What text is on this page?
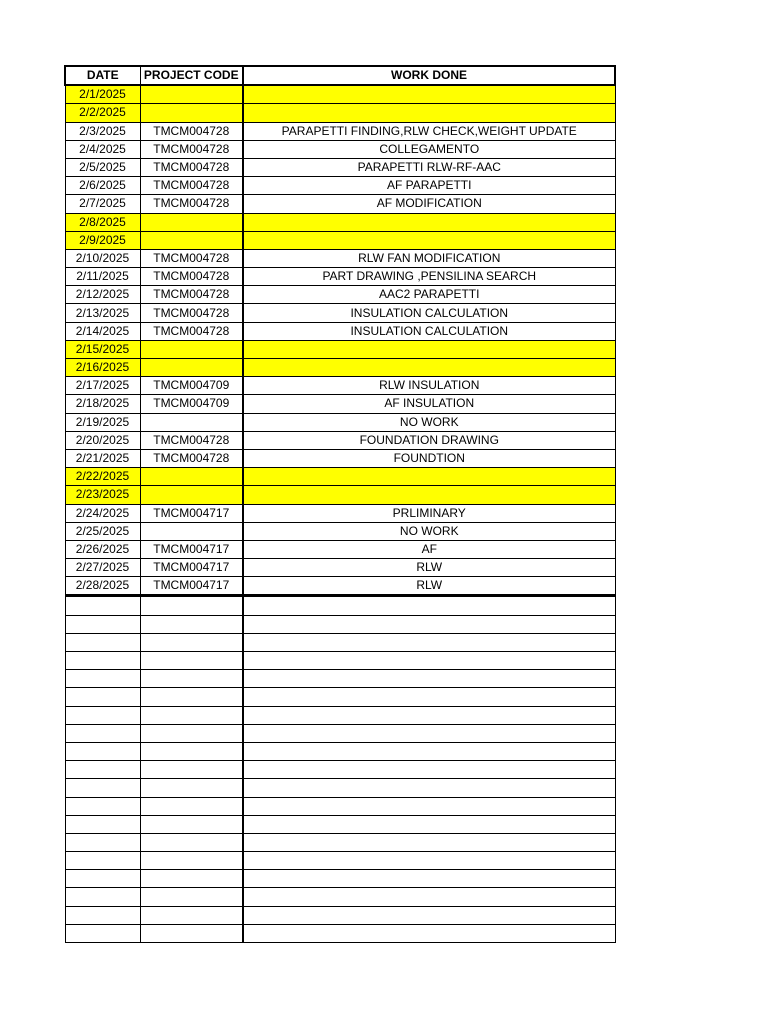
DATE	PROJECT CODE	WORK DONE
2/1/2025		
2/2/2025		
2/3/2025	TMCM004728	PARAPETTI FINDING,RLW CHECK,WEIGHT UPDATE
2/4/2025	TMCM004728	COLLEGAMENTO
2/5/2025	TMCM004728	PARAPETTI RLW-RF-AAC
2/6/2025	TMCM004728	AF PARAPETTI
2/7/2025	TMCM004728	AF MODIFICATION
2/8/2025		
2/9/2025		
2/10/2025	TMCM004728	RLW FAN MODIFICATION
2/11/2025	TMCM004728	PART DRAWING ,PENSILINA SEARCH
2/12/2025	TMCM004728	AAC2 PARAPETTI
2/13/2025	TMCM004728	INSULATION CALCULATION
2/14/2025	TMCM004728	INSULATION CALCULATION
2/15/2025		
2/16/2025		
2/17/2025	TMCM004709	RLW INSULATION
2/18/2025	TMCM004709	AF INSULATION
2/19/2025		NO WORK
2/20/2025	TMCM004728	FOUNDATION DRAWING
2/21/2025	TMCM004728	FOUNDTION
2/22/2025		
2/23/2025		
2/24/2025	TMCM004717	PRLIMINARY
2/25/2025		NO WORK
2/26/2025	TMCM004717	AF
2/27/2025	TMCM004717	RLW
2/28/2025	TMCM004717	RLW
